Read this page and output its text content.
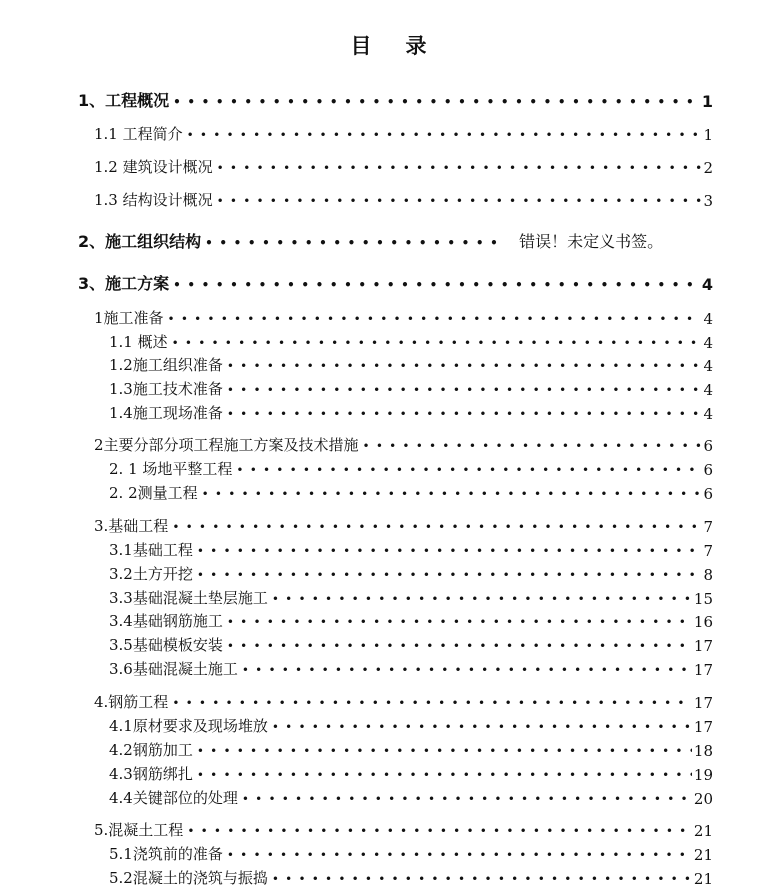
目 录
1、工程概况 • • •	1
1.1 工程简介 • • •	1
1.2 建筑设计概况 • • •	2
1.3 结构设计概况 • • •	3
2、施工组织结构 • • •	错误！未定义书签。
3、施工方案 • • •	4
1施工准备 • • •	4
1.1 概述 • • •	4
1.2施工组织准备 • • •	4
1.3施工技术准备 • • •	4
1.4施工现场准备 • • •	4
2主要分部分项工程施工方案及技术措施 • • •	6
2. 1 场地平整工程 • • •	6
2. 2测量工程 • • •	6
3.基础工程 • • •	7
3.1基础工程 • • •	7
3.2土方开挖 • • •	8
3.3基础混凝土垫层施工 • • •	15
3.4基础钢筋施工 • • •	16
3.5基础模板安装 • • •	17
3.6基础混凝土施工 • • •	17
4.钢筋工程 • • •	17
4.1原材要求及现场堆放 • • •	17
4.2钢筋加工 • • •	18
4.3钢筋绑扎 • • •	19
4.4关键部位的处理 • • •	20
5.混凝土工程 • • •	21
5.1浇筑前的准备 • • •	21
5.2混凝土的浇筑与振捣 • • •	21
